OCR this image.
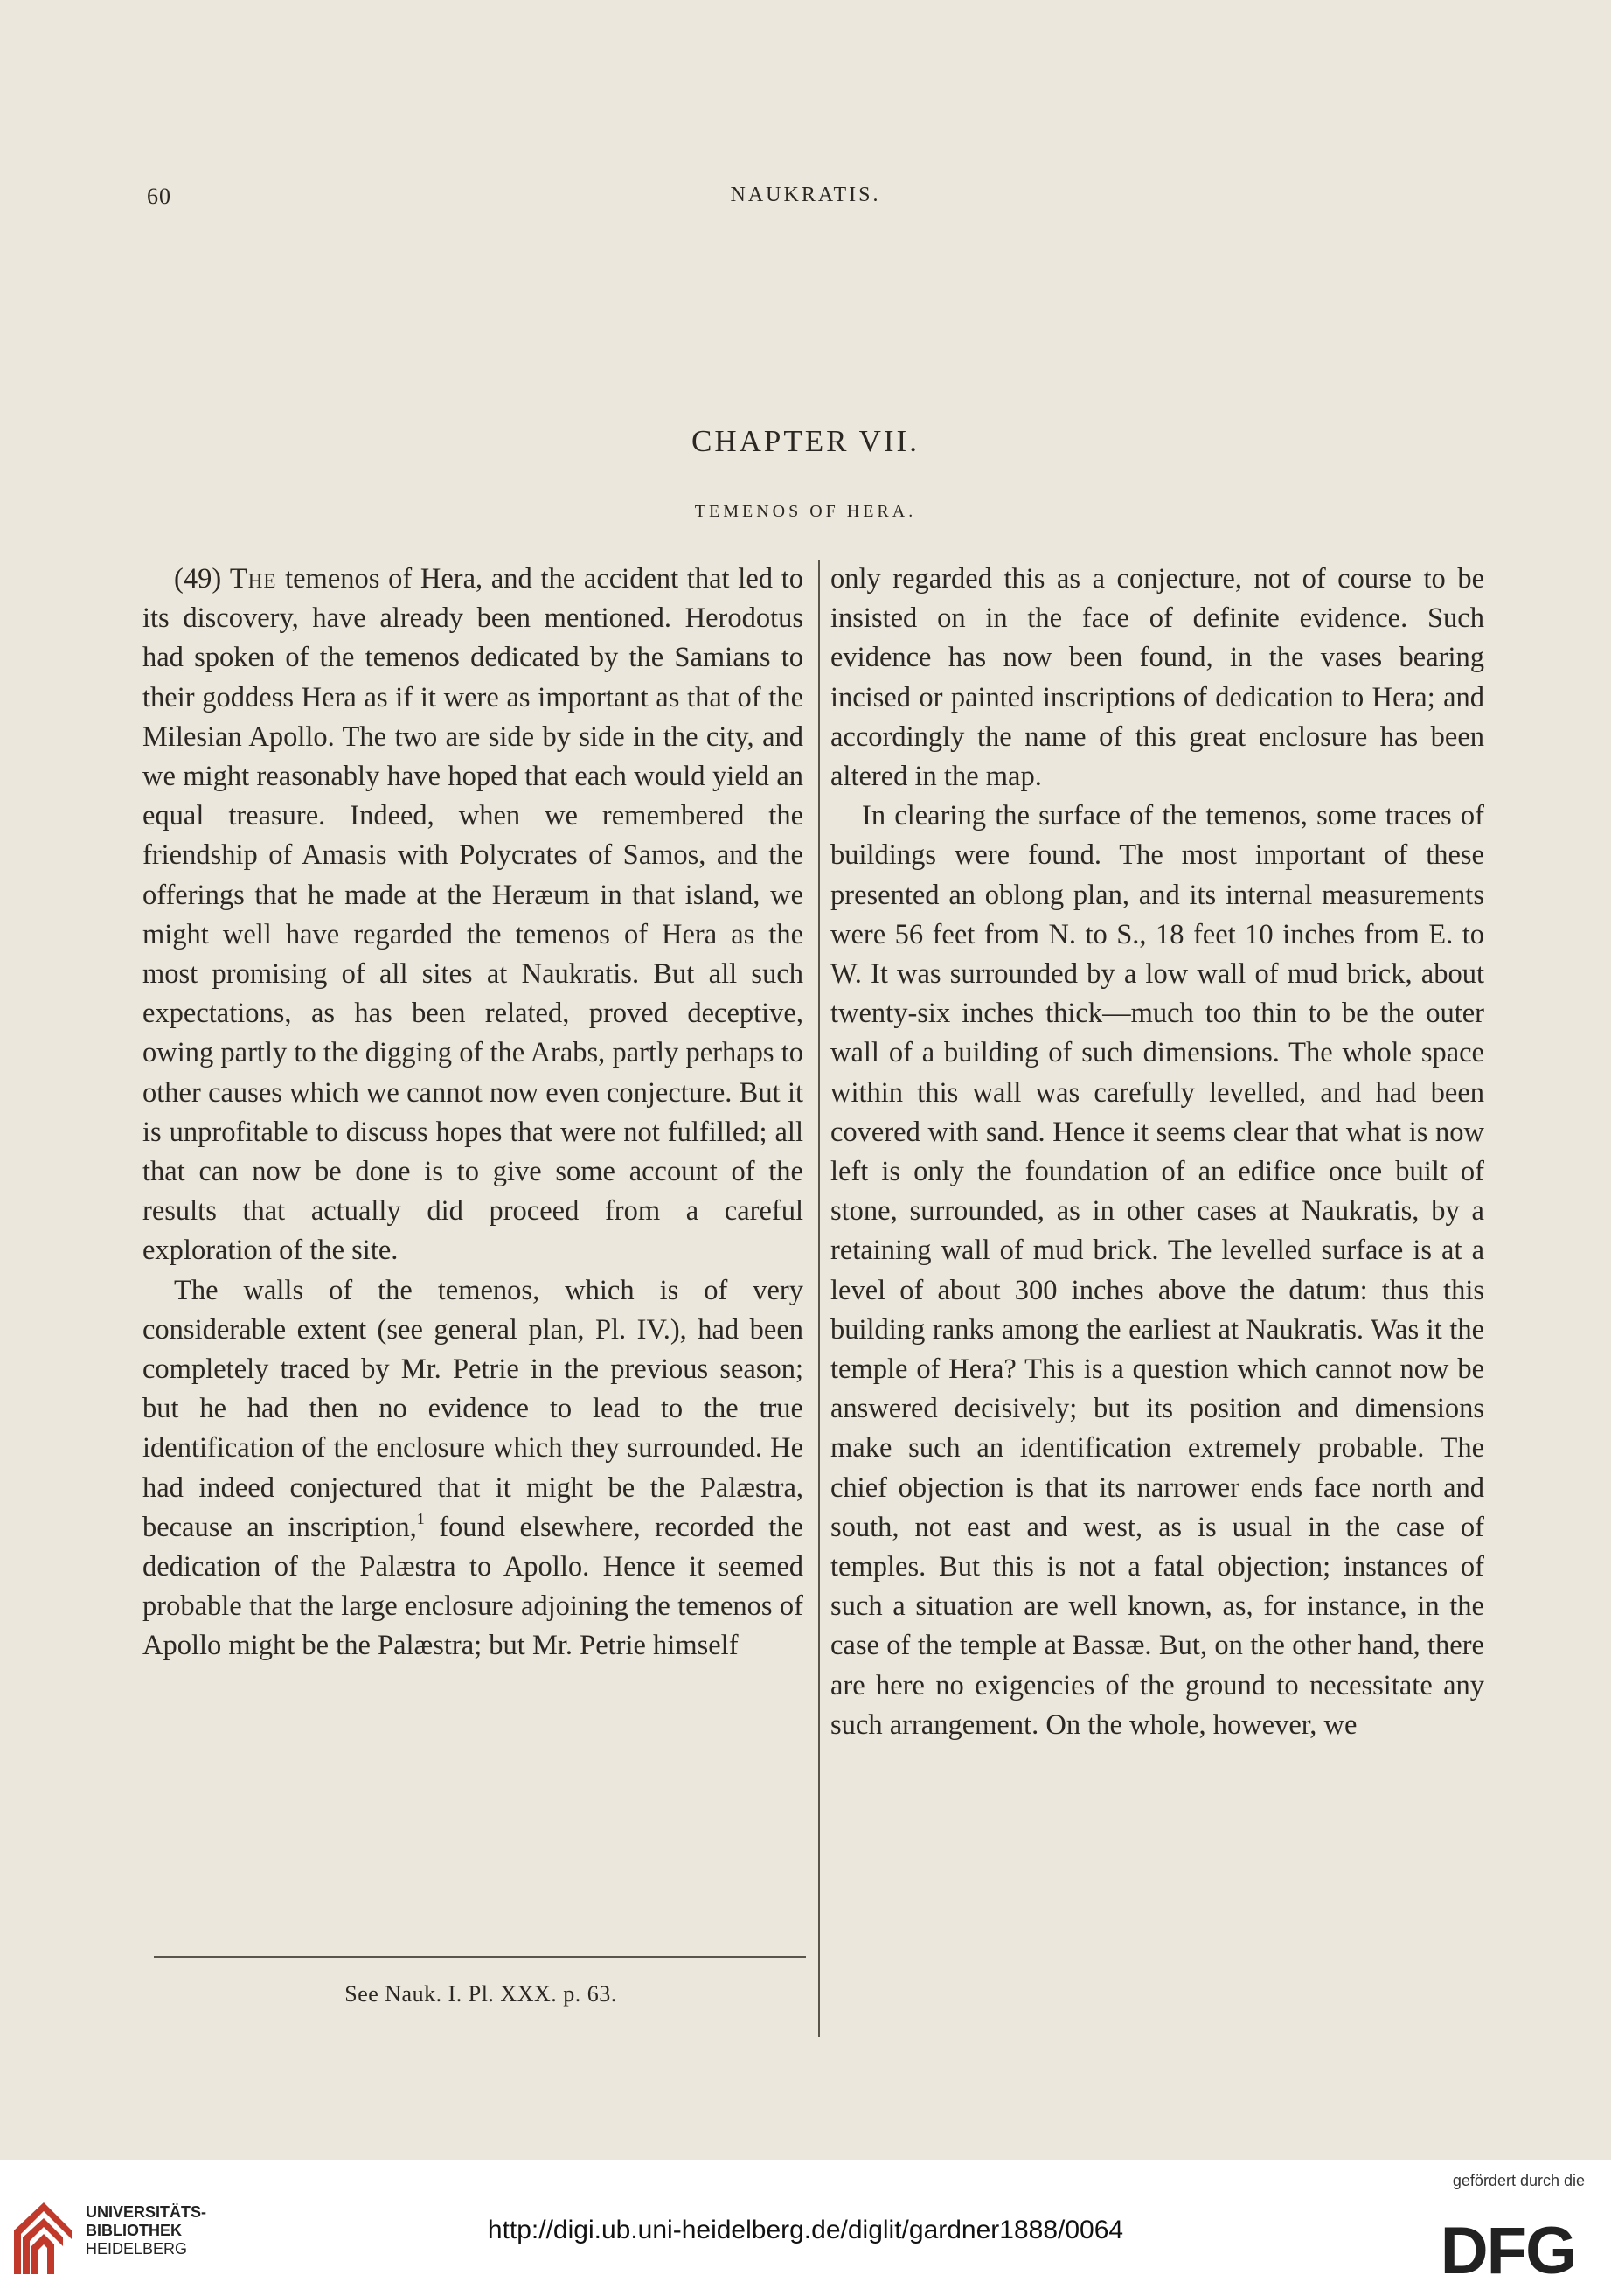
60	NAUKRATIS.
CHAPTER VII.
TEMENOS OF HERA.

(49) The temenos of Hera, and the accident that led to its discovery, have already been mentioned. Herodotus had spoken of the temenos dedicated by the Samians to their goddess Hera as if it were as important as that of the Milesian Apollo. The two are side by side in the city, and we might reasonably have hoped that each would yield an equal treasure. Indeed, when we remembered the friendship of Amasis with Polycrates of Samos, and the offerings that he made at the Heræum in that island, we might well have regarded the temenos of Hera as the most promising of all sites at Naukratis. But all such expectations, as has been related, proved deceptive, owing partly to the digging of the Arabs, partly perhaps to other causes which we cannot now even conjecture. But it is unprofitable to discuss hopes that were not fulfilled; all that can now be done is to give some account of the results that actually did proceed from a careful exploration of the site.

The walls of the temenos, which is of very considerable extent (see general plan, Pl. IV.), had been completely traced by Mr. Petrie in the previous season; but he had then no evidence to lead to the true identification of the enclosure which they surrounded. He had indeed conjectured that it might be the Palæstra, because an inscription,$^1$ found elsewhere, recorded the dedication of the Palæstra to Apollo. Hence it seemed probable that the large enclosure adjoining the temenos of Apollo might be the Palæstra; but Mr. Petrie himself

only regarded this as a conjecture, not of course to be insisted on in the face of definite evidence. Such evidence has now been found, in the vases bearing incised or painted inscriptions of dedication to Hera; and accordingly the name of this great enclosure has been altered in the map.

In clearing the surface of the temenos, some traces of buildings were found. The most important of these presented an oblong plan, and its internal measurements were 56 feet from N. to S., 18 feet 10 inches from E. to W. It was surrounded by a low wall of mud brick, about twenty-six inches thick—much too thin to be the outer wall of a building of such dimensions. The whole space within this wall was carefully levelled, and had been covered with sand. Hence it seems clear that what is now left is only the foundation of an edifice once built of stone, surrounded, as in other cases at Naukratis, by a retaining wall of mud brick. The levelled surface is at a level of about 300 inches above the datum: thus this building ranks among the earliest at Naukratis. Was it the temple of Hera? This is a question which cannot now be answered decisively; but its position and dimensions make such an identification extremely probable. The chief objection is that its narrower ends face north and south, not east and west, as is usual in the case of temples. But this is not a fatal objection; instances of such a situation are well known, as, for instance, in the case of the temple at Bassæ. But, on the other hand, there are here no exigencies of the ground to necessitate any such arrangement. On the whole, however, we

See Nauk. I. Pl. XXX. p. 63.
UNIVERSITÄTS-
BIBLIOTHEK
HEIDELBERG
http://digi.ub.uni-heidelberg.de/diglit/gardner1888/0064
gefördert durch die
DFG
